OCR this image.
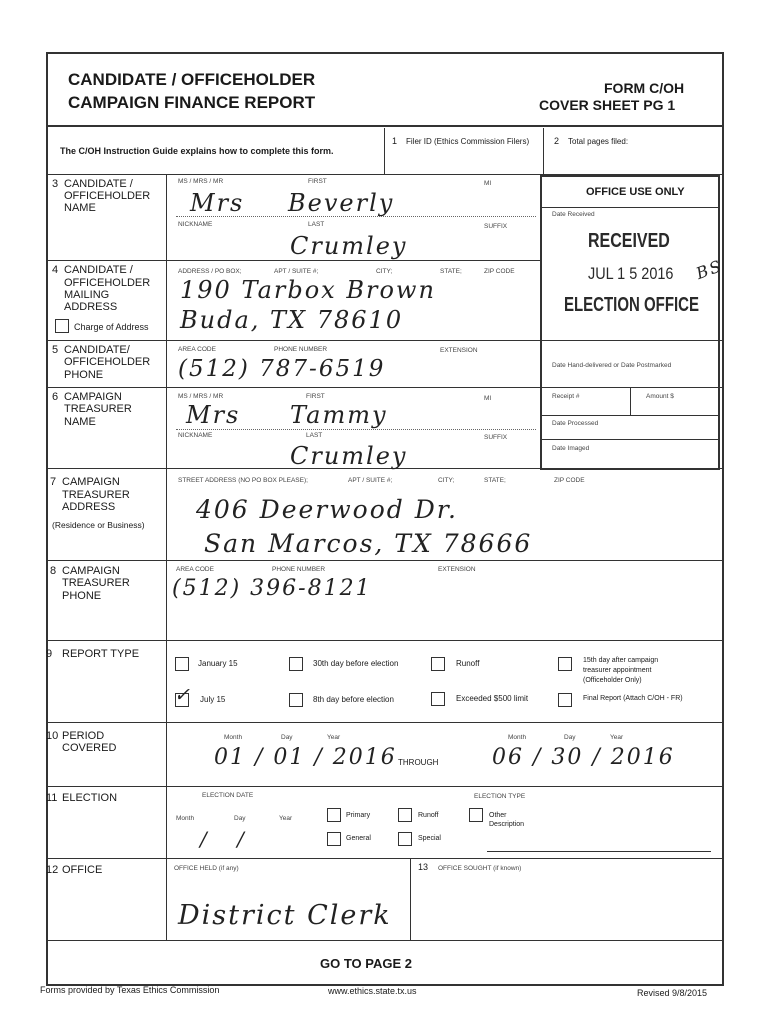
CANDIDATE / OFFICEHOLDER
CAMPAIGN FINANCE REPORT
FORM C/OH
COVER SHEET PG 1
The C/OH Instruction Guide explains how to complete this form.
1 Filer ID (Ethics Commission Filers)	2 Total pages filed:
OFFICE USE ONLY
Date Received
RECEIVED
JUL 1 5 2016
ELECTION OFFICE
BS
Date Hand-delivered or Date Postmarked
Receipt #	Amount $
Date Processed
Date Imaged
3 CANDIDATE /
OFFICEHOLDER
NAME
MS / MRS / MR	FIRST	MI
Mrs Beverly
NICKNAME	LAST	SUFFIX
Crumley
4 CANDIDATE /
OFFICEHOLDER
MAILING
ADDRESS
Charge of Address
ADDRESS / PO BOX;	APT / SUITE #;	CITY;	STATE;	ZIP CODE
190 Tarbox Brown
Buda, TX 78610
5 CANDIDATE/
OFFICEHOLDER
PHONE
AREA CODE	PHONE NUMBER	EXTENSION
(512) 787-6519
6 CAMPAIGN
TREASURER
NAME
MS / MRS / MR	FIRST	MI
Mrs Tammy
NICKNAME	LAST	SUFFIX
Crumley
7 CAMPAIGN
TREASURER
ADDRESS
(Residence or Business)
STREET ADDRESS (NO PO BOX PLEASE);	APT / SUITE #;	CITY;	STATE;	ZIP CODE
406 Deerwood Dr.
San Marcos, TX 78666
8 CAMPAIGN
TREASURER
PHONE
AREA CODE	PHONE NUMBER	EXTENSION
(512) 396-8121
9 REPORT TYPE
January 15	30th day before election	Runoff	15th day after campaign
treasurer appointment
(Officeholder Only)
✓ July 15	8th day before election	Exceeded $500 limit	Final Report (Attach C/OH - FR)
10 PERIOD
COVERED
Month	Day	Year	Month	Day	Year
01 / 01 / 2016 THROUGH 06 / 30 / 2016
11 ELECTION	ELECTION DATE	ELECTION TYPE
Month	Day	Year
/ /
Primary	Runoff	Other
Description
General	Special
12 OFFICE	OFFICE HELD (if any)
District Clerk
13 OFFICE SOUGHT (if known)
GO TO PAGE 2
Forms provided by Texas Ethics Commission	www.ethics.state.tx.us	Revised 9/8/2015
